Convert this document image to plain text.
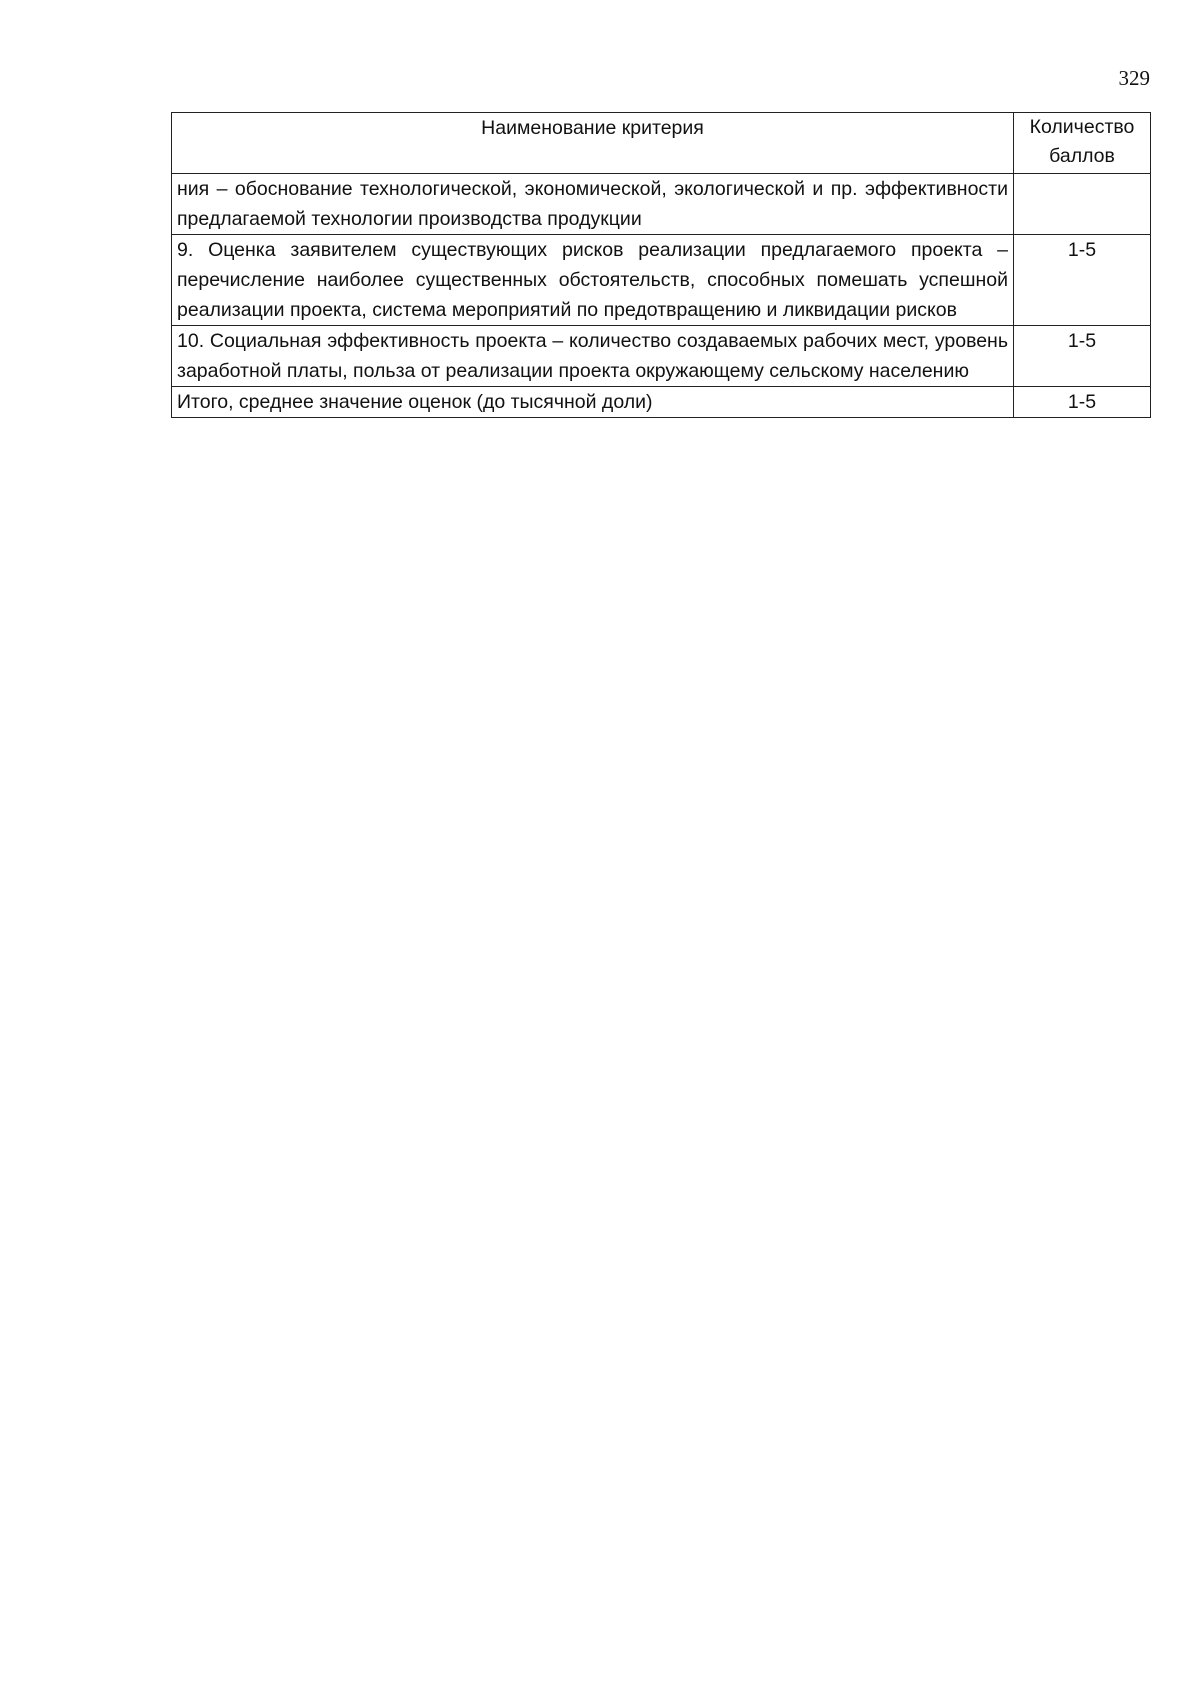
329
Наименование критерия	Количество баллов
ния – обоснование технологической, экономической, экологической и пр. эффективности предлагаемой технологии производства продукции	
9. Оценка заявителем существующих рисков реализации предлагаемого проекта – перечисление наиболее существенных обстоятельств, способных помешать успешной реализации проекта, система мероприятий по предотвращению и ликвидации рисков	1-5
10. Социальная эффективность проекта – количество создаваемых рабочих мест, уровень заработной платы, польза от реализации проекта окружающему сельскому населению	1-5
Итого, среднее значение оценок (до тысячной доли)	1-5
